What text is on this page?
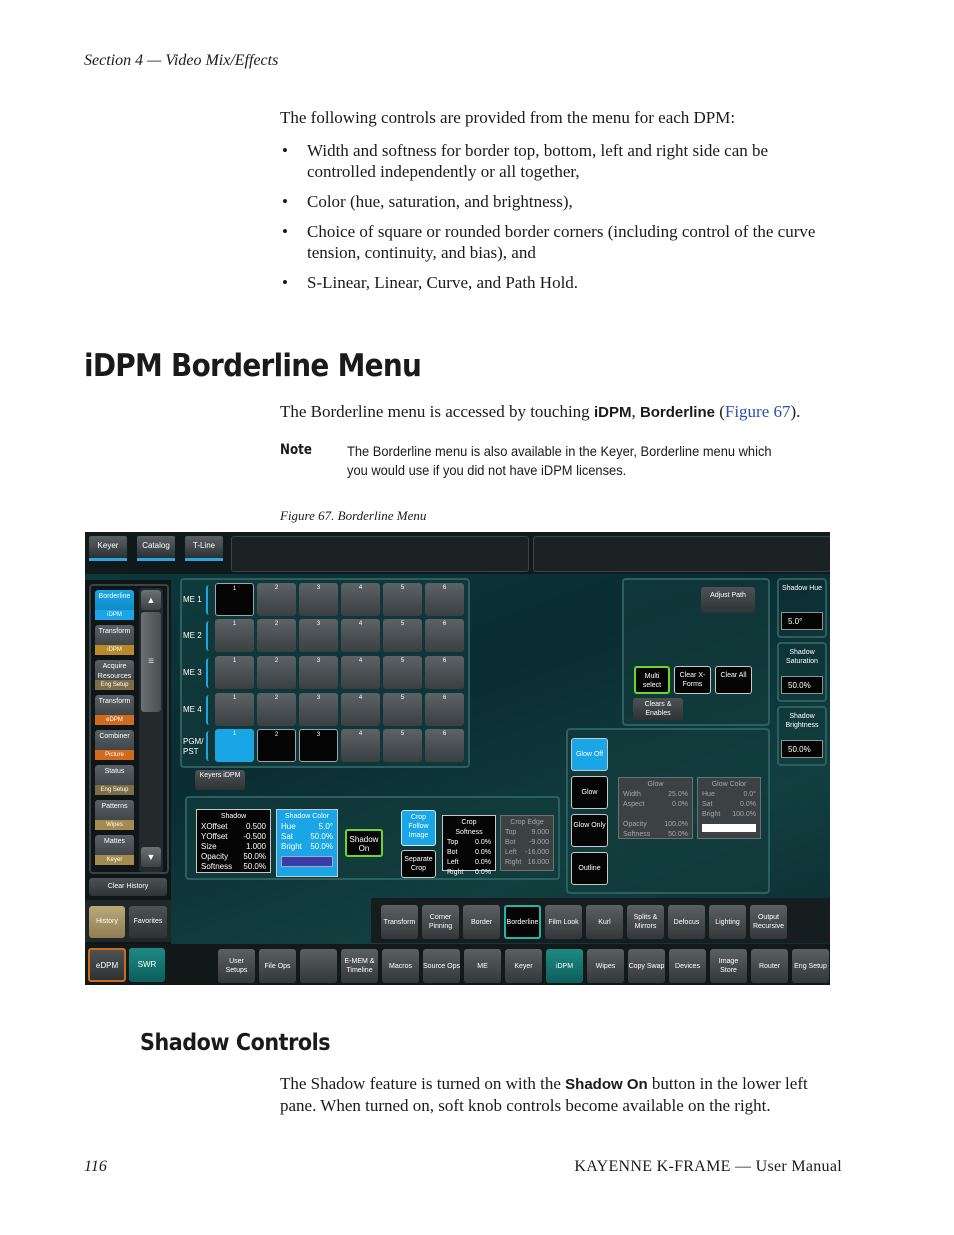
Section 4 — Video Mix/Effects
The following controls are provided from the menu for each DPM:
• Width and softness for border top, bottom, left and right side can be controlled independently or all together,
• Color (hue, saturation, and brightness),
• Choice of square or rounded border corners (including control of the curve tension, continuity, and bias), and
• S-Linear, Linear, Curve, and Path Hold.
iDPM Borderline Menu
The Borderline menu is accessed by touching iDPM, Borderline (Figure 67).
Note	The Borderline menu is also available in the Keyer, Borderline menu which you would use if you did not have iDPM licenses.
Figure 67. Borderline Menu
Keyer	Catalog	T-Line
▲
≡
▼
Clear History
History	Favorites
eDPM	SWR
Keyers iDPM
Adjust Path
Multi select
Clear X-Forms
Clear All
Clears & Enables
Shadow
XOffset 0.500
YOffset -0.500
Size	1.000
Opacity 50.0%
Softness 50.0%
Shadow Color
Hue	5.0°
Sat 50.0%
Bright 50.0%
Shadow On
Crop Follow Image
Separate Crop
Crop Softness
Top 0.0%
Bot	0.0%
Left 0.0%
Right 0.0%
Crop Edge
Top 9.000
Bot -9.000
Left -16.000
Right 16.000
Glow
Width	25.0%
Aspect	0.0%
Opacity	100.0%
Softness	50.0%
Glow Color
Hue	0.0°
Sat	0.0%
Bright 100.0%
Borderline
iDPM
Transform
iDPM
Acquire Resources
Eng Setup
Transform
eDPM
Combiner
Picture
Status
Eng Setup
Patterns
Wipes
Mattes
Keyer
ME 1
1	2	3	4	5	6
ME 2
1	2	3	4	5	6
ME 3
1	2	3	4	5	6
ME 4
1	2	3	4	5	6
PGM/ PST
1	2	3	4	5	6
Glow Off
Glow
Glow Only
Outline
Shadow Hue
5.0°
Shadow Saturation
50.0%
Shadow Brightness
50.0%
Transform
Corner Pinning
Border Borderline Film Look	Kurl
Splits & Mirrors
Defocus Lighting
Output Recursive
User Setups
File Ops
E-MEM & Timeline
Macros Source Ops ME	Keyer	iDPM	Wipes Copy Swap Devices
Image Store
Router Eng Setup
Shadow Controls
The Shadow feature is turned on with the Shadow On button in the lower left pane. When turned on, soft knob controls become available on the right.
116	KAYENNE K-FRAME — User Manual
